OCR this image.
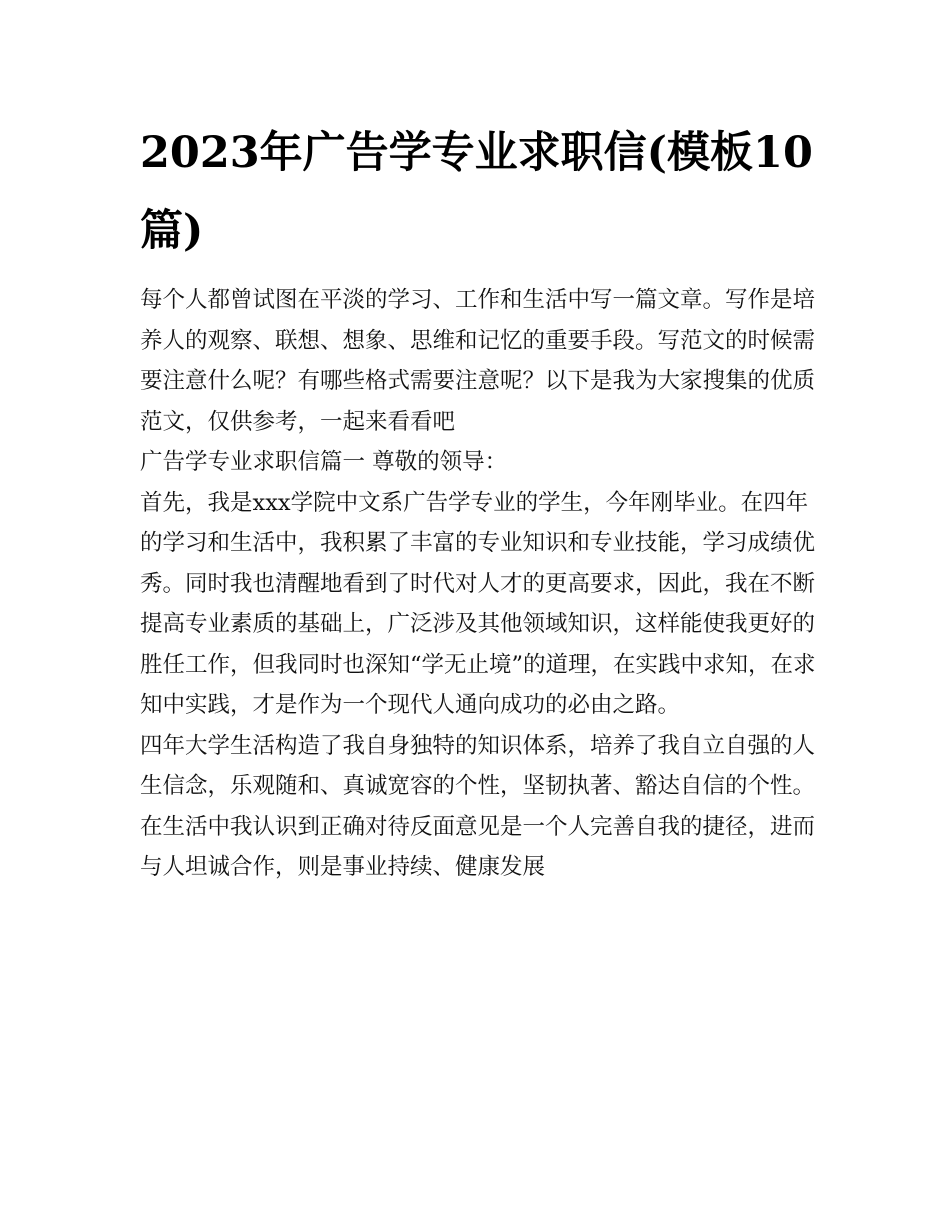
2023年广告学专业求职信(模板10篇)

每个人都曾试图在平淡的学习、工作和生活中写一篇文章。写作是培养人的观察、联想、想象、思维和记忆的重要手段。写范文的时候需要注意什么呢？有哪些格式需要注意呢？以下是我为大家搜集的优质范文，仅供参考，一起来看看吧

广告学专业求职信篇一 尊敬的领导：

首先，我是xxx学院中文系广告学专业的学生，今年刚毕业。在四年的学习和生活中，我积累了丰富的专业知识和专业技能，学习成绩优秀。同时我也清醒地看到了时代对人才的更高要求，因此，我在不断提高专业素质的基础上，广泛涉及其他领域知识，这样能使我更好的胜任工作，但我同时也深知“学无止境”的道理，在实践中求知，在求知中实践，才是作为一个现代人通向成功的必由之路。

四年大学生活构造了我自身独特的知识体系，培养了我自立自强的人生信念，乐观随和、真诚宽容的个性，坚韧执著、豁达自信的个性。在生活中我认识到正确对待反面意见是一个人完善自我的捷径，进而与人坦诚合作，则是事业持续、健康发展
